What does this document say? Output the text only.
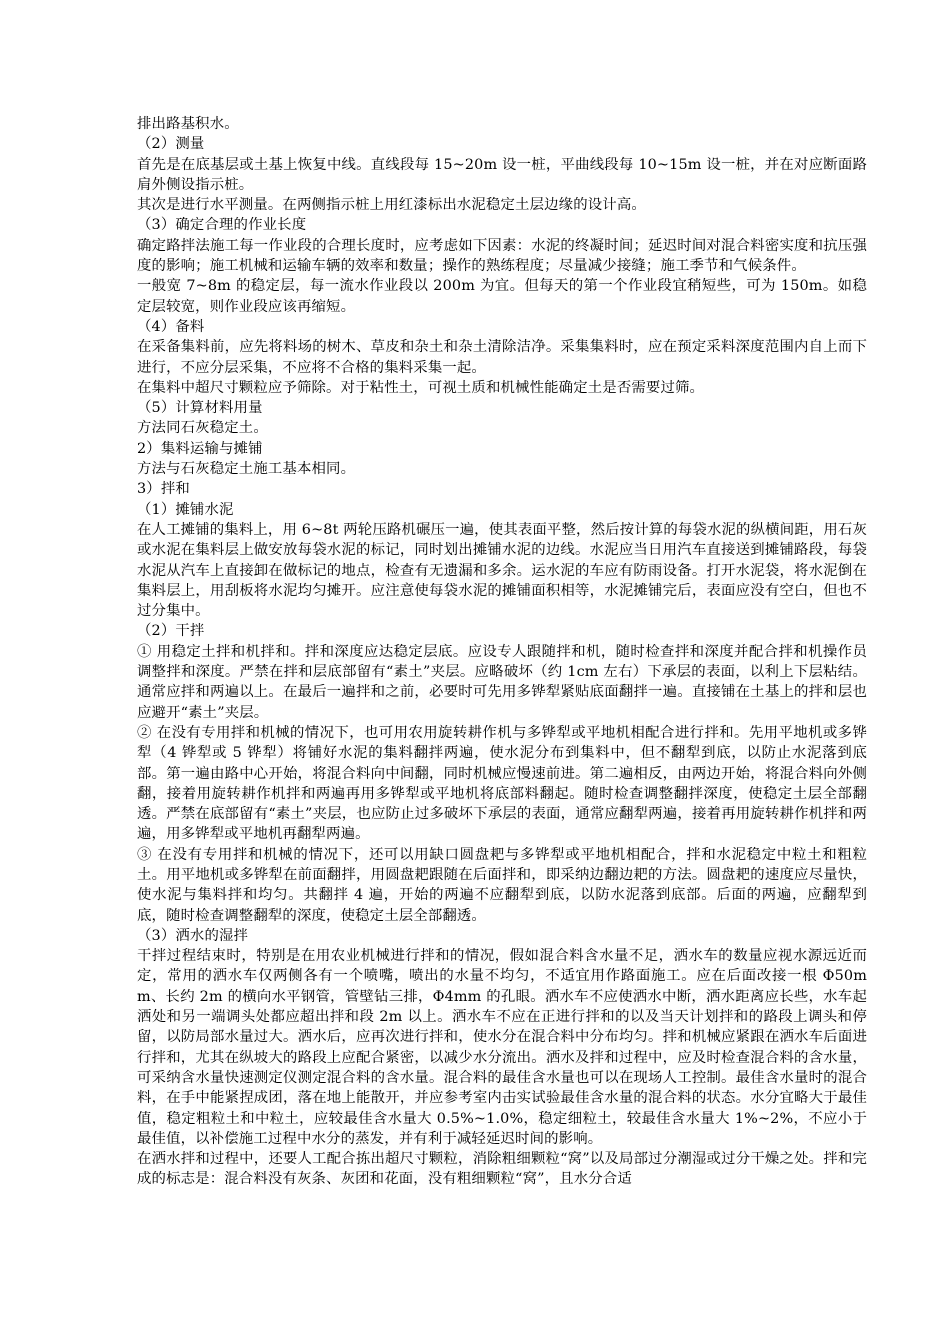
排出路基积水。

（2）测量

首先是在底基层或土基上恢复中线。直线段每 15~20m 设一桩，平曲线段每 10~15m 设一桩，并在对应断面路肩外侧设指示桩。

其次是进行水平测量。在两侧指示桩上用红漆标出水泥稳定土层边缘的设计高。

（3）确定合理的作业长度

确定路拌法施工每一作业段的合理长度时，应考虑如下因素：水泥的终凝时间；延迟时间对混合料密实度和抗压强度的影响；施工机械和运输车辆的效率和数量；操作的熟练程度；尽量减少接缝；施工季节和气候条件。

一般宽 7~8m 的稳定层，每一流水作业段以 200m 为宜。但每天的第一个作业段宜稍短些，可为 150m。如稳定层较宽，则作业段应该再缩短。

（4）备料

在采备集料前，应先将料场的树木、草皮和杂土和杂土清除洁净。采集集料时，应在预定采料深度范围内自上而下进行，不应分层采集，不应将不合格的集料采集一起。

在集料中超尺寸颗粒应予筛除。对于粘性土，可视土质和机械性能确定土是否需要过筛。

（5）计算材料用量

方法同石灰稳定土。

2）集料运输与摊铺

方法与石灰稳定土施工基本相同。

3）拌和

（1）摊铺水泥

在人工摊铺的集料上，用 6~8t 两轮压路机碾压一遍，使其表面平整，然后按计算的每袋水泥的纵横间距，用石灰或水泥在集料层上做安放每袋水泥的标记，同时划出摊铺水泥的边线。水泥应当日用汽车直接送到摊铺路段，每袋水泥从汽车上直接卸在做标记的地点，检查有无遗漏和多余。运水泥的车应有防雨设备。打开水泥袋，将水泥倒在集料层上，用刮板将水泥均匀摊开。应注意使每袋水泥的摊铺面积相等，水泥摊铺完后，表面应没有空白，但也不过分集中。

（2）干拌

① 用稳定土拌和机拌和。拌和深度应达稳定层底。应设专人跟随拌和机，随时检查拌和深度并配合拌和机操作员调整拌和深度。严禁在拌和层底部留有“素土”夹层。应略破坏（约 1cm 左右）下承层的表面，以利上下层粘结。通常应拌和两遍以上。在最后一遍拌和之前，必要时可先用多铧犁紧贴底面翻拌一遍。直接铺在土基上的拌和层也应避开“素土”夹层。

② 在没有专用拌和机械的情况下，也可用农用旋转耕作机与多铧犁或平地机相配合进行拌和。先用平地机或多铧犁（4 铧犁或 5 铧犁）将铺好水泥的集料翻拌两遍，使水泥分布到集料中，但不翻犁到底，以防止水泥落到底部。第一遍由路中心开始，将混合料向中间翻，同时机械应慢速前进。第二遍相反，由两边开始，将混合料向外侧翻，接着用旋转耕作机拌和两遍再用多铧犁或平地机将底部料翻起。随时检查调整翻拌深度，使稳定土层全部翻透。严禁在底部留有“素土”夹层，也应防止过多破坏下承层的表面，通常应翻犁两遍，接着再用旋转耕作机拌和两遍，用多铧犁或平地机再翻犁两遍。

③ 在没有专用拌和机械的情况下，还可以用缺口圆盘耙与多铧犁或平地机相配合，拌和水泥稳定中粒土和粗粒土。用平地机或多铧犁在前面翻拌，用圆盘耙跟随在后面拌和，即采纳边翻边耙的方法。圆盘耙的速度应尽量快，使水泥与集料拌和均匀。共翻拌 4 遍，开始的两遍不应翻犁到底，以防水泥落到底部。后面的两遍，应翻犁到底，随时检查调整翻犁的深度，使稳定土层全部翻透。

（3）洒水的湿拌

干拌过程结束时，特别是在用农业机械进行拌和的情况，假如混合料含水量不足，洒水车的数量应视水源远近而定，常用的洒水车仅两侧各有一个喷嘴，喷出的水量不均匀，不适宜用作路面施工。应在后面改接一根 Φ50mm、长约 2m 的横向水平钢管，管壁钻三排，Φ4mm 的孔眼。洒水车不应使洒水中断，洒水距离应长些，水车起洒处和另一端调头处都应超出拌和段 2m 以上。洒水车不应在正进行拌和的以及当天计划拌和的路段上调头和停留，以防局部水量过大。洒水后，应再次进行拌和，使水分在混合料中分布均匀。拌和机械应紧跟在洒水车后面进行拌和，尤其在纵坡大的路段上应配合紧密，以减少水分流出。洒水及拌和过程中，应及时检查混合料的含水量，可采纳含水量快速测定仪测定混合料的含水量。混合料的最佳含水量也可以在现场人工控制。最佳含水量时的混合料，在手中能紧捏成团，落在地上能散开，并应参考室内击实试验最佳含水量的混合料的状态。水分宜略大于最佳值，稳定粗粒土和中粒土，应较最佳含水量大 0.5%~1.0%，稳定细粒土，较最佳含水量大 1%~2%，不应小于最佳值，以补偿施工过程中水分的蒸发，并有利于减轻延迟时间的影响。

在洒水拌和过程中，还要人工配合拣出超尺寸颗粒，消除粗细颗粒“窝”以及局部过分潮湿或过分干燥之处。拌和完成的标志是：混合料没有灰条、灰团和花面，没有粗细颗粒“窝”，且水分合适
